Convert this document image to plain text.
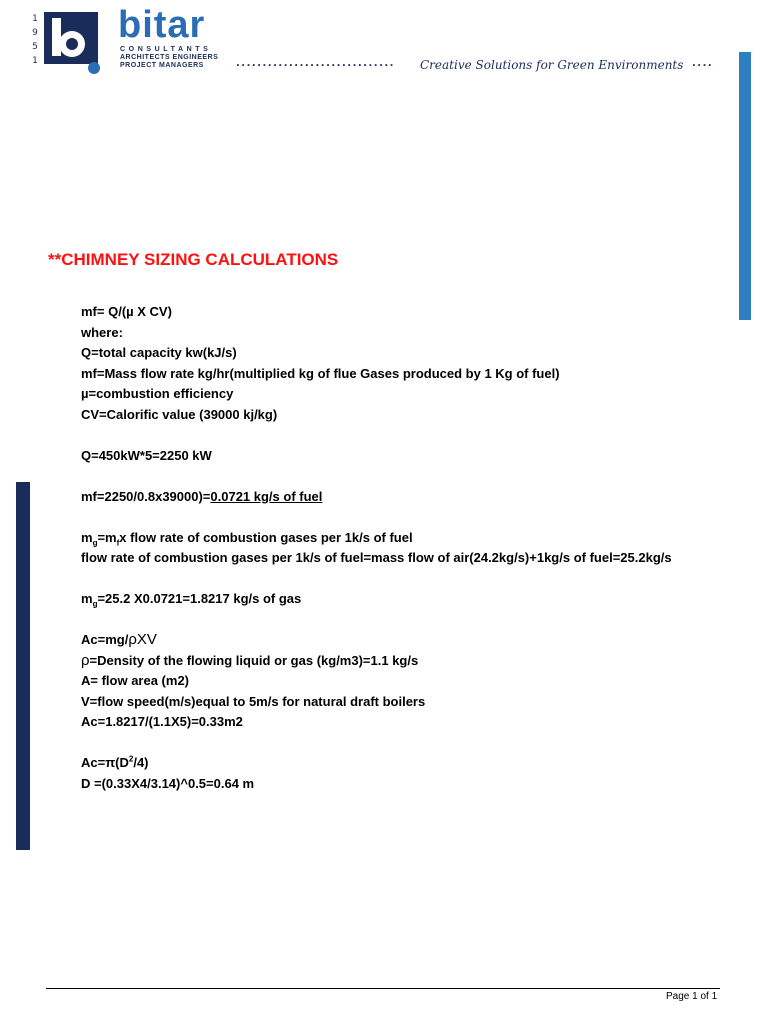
1
9
5
1
bitar
CONSULTANTS
ARCHITECTS ENGINEERS
PROJECT MANAGERS	.............................. Creative Solutions for Green Environments ....
**CHIMNEY SIZING CALCULATIONS
mf= Q/(µ X CV)
where:
Q=total capacity kw(kJ/s)
mf=Mass flow rate kg/hr(multiplied kg of flue Gases produced by 1 Kg of fuel)
µ=combustion efficiency
CV=Calorific value (39000 kj/kg)
Q=450kW*5=2250 kW
mf=2250/0.8x39000)=0.0721 kg/s of fuel
$m_g=m_fx$ flow rate of combustion gases per 1k/s of fuel
flow rate of combustion gases per 1k/s of fuel=mass flow of air(24.2kg/s)+1kg/s of fuel=25.2kg/s
$m_g=25.2$ X0.0721=1.8217 kg/s of gas
Ac=mg/ρXV
ρ=Density of the flowing liquid or gas (kg/m3)=1.1 kg/s
A= flow area (m2)
V=flow speed(m/s)equal to 5m/s for natural draft boilers
Ac=1.8217/(1.1X5)=0.33m2
$Ac=\pi(D^2/4)$
D =(0.33X4/3.14)^0.5=0.64 m
Page 1 of 1
